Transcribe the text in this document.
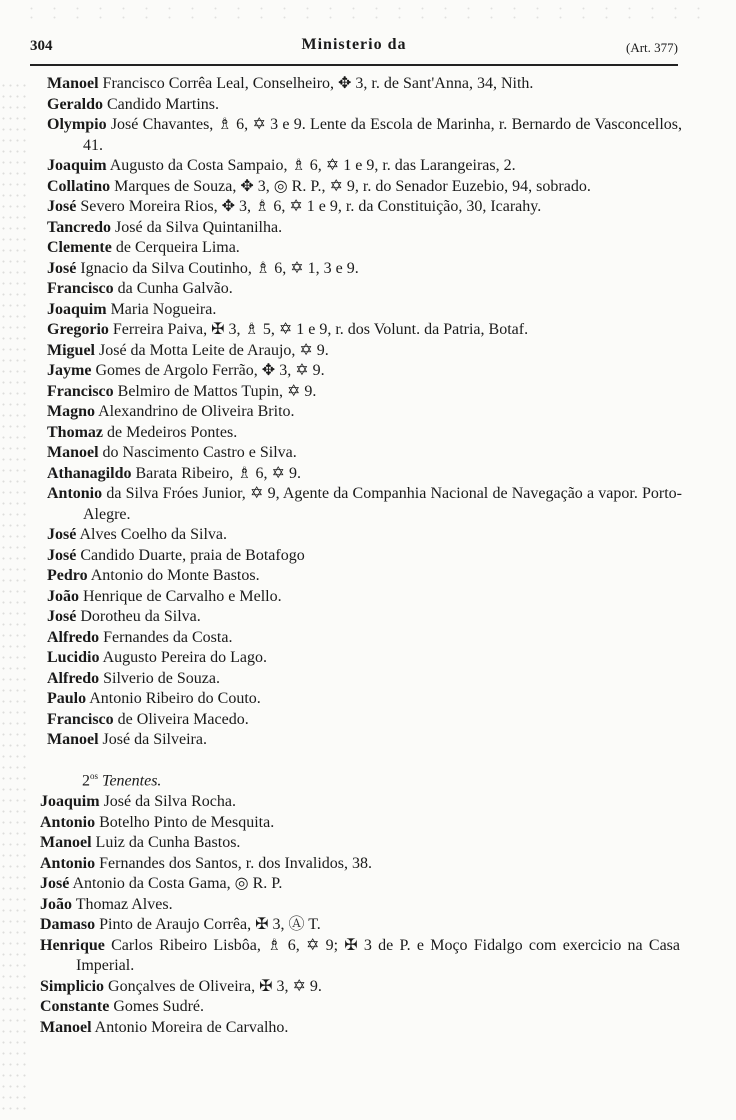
304	Ministerio da	(Art. 377)
Manoel Francisco Corrêa Leal, Conselheiro, ✥ 3, r. de Sant'Anna, 34, Nith.
Geraldo Candido Martins.
Olympio José Chavantes, ♗ 6, ✡ 3 e 9. Lente da Escola de Marinha, r. Bernardo de Vasconcellos, 41.
Joaquim Augusto da Costa Sampaio, ♗ 6, ✡ 1 e 9, r. das Larangeiras, 2.
Collatino Marques de Souza, ✥ 3, ◎ R. P., ✡ 9, r. do Senador Euzebio, 94, sobrado.
José Severo Moreira Rios, ✥ 3, ♗ 6, ✡ 1 e 9, r. da Constituição, 30, Icarahy.
Tancredo José da Silva Quintanilha.
Clemente de Cerqueira Lima.
José Ignacio da Silva Coutinho, ♗ 6, ✡ 1, 3 e 9.
Francisco da Cunha Galvão.
Joaquim Maria Nogueira.
Gregorio Ferreira Paiva, ✠ 3, ♗ 5, ✡ 1 e 9, r. dos Volunt. da Patria, Botaf.
Miguel José da Motta Leite de Araujo, ✡ 9.
Jayme Gomes de Argolo Ferrão, ✥ 3, ✡ 9.
Francisco Belmiro de Mattos Tupin, ✡ 9.
Magno Alexandrino de Oliveira Brito.
Thomaz de Medeiros Pontes.
Manoel do Nascimento Castro e Silva.
Athanagildo Barata Ribeiro, ♗ 6, ✡ 9.
Antonio da Silva Fróes Junior, ✡ 9, Agente da Companhia Nacional de Navegação a vapor. Porto-Alegre.
José Alves Coelho da Silva.
José Candido Duarte, praia de Botafogo
Pedro Antonio do Monte Bastos.
João Henrique de Carvalho e Mello.
José Dorotheu da Silva.
Alfredo Fernandes da Costa.
Lucidio Augusto Pereira do Lago.
Alfredo Silverio de Souza.
Paulo Antonio Ribeiro do Couto.
Francisco de Oliveira Macedo.
Manoel José da Silveira.
$2^{os}$ Tenentes.
Joaquim José da Silva Rocha.
Antonio Botelho Pinto de Mesquita.
Manoel Luiz da Cunha Bastos.
Antonio Fernandes dos Santos, r. dos Invalidos, 38.
José Antonio da Costa Gama, ◎ R. P.
João Thomaz Alves.
Damaso Pinto de Araujo Corrêa, ✠ 3, Ⓐ T.
Henrique Carlos Ribeiro Lisbôa, ♗ 6, ✡ 9; ✠ 3 de P. e Moço Fidalgo com exercicio na Casa Imperial.
Simplicio Gonçalves de Oliveira, ✠ 3, ✡ 9.
Constante Gomes Sudré.
Manoel Antonio Moreira de Carvalho.
